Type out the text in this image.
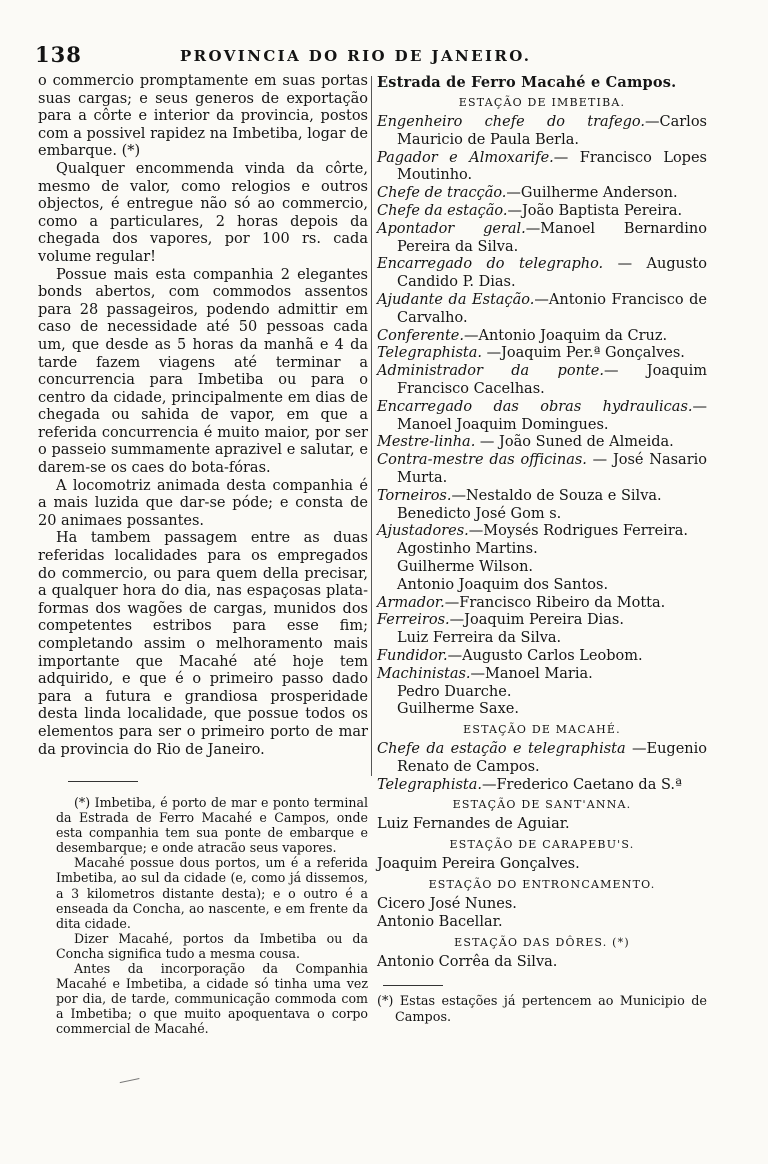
138	PROVINCIA DO RIO DE JANEIRO.

o commercio promptamente em suas portas suas cargas; e seus generos de exportação para a côrte e interior da provincia, postos com a possivel rapidez na Imbetiba, logar de embarque. (*)

Qualquer encommenda vinda da côrte, mesmo de valor, como relogios e outros objectos, é entregue não só ao commercio, como a particulares, 2 horas depois da chegada dos vapores, por 100 rs. cada volume regular!

Possue mais esta companhia 2 elegantes bonds abertos, com commodos assentos para 28 passageiros, podendo admittir em caso de necessidade até 50 pessoas cada um, que desde as 5 horas da manhã e 4 da tarde fazem viagens até terminar a concurrencia para Imbetiba ou para o centro da cidade, principalmente em dias de chegada ou sahida de vapor, em que a referida concurrencia é muito maior, por ser o passeio summamente aprazivel e salutar, e darem-se os caes do bota-fóras.

A locomotriz animada desta companhia é a mais luzida que dar-se póde; e consta de 20 animaes possantes.

Ha tambem passagem entre as duas referidas localidades para os empregados do commercio, ou para quem della precisar, a qualquer hora do dia, nas espaçosas plata-formas dos wagões de cargas, munidos dos competentes estribos para esse fim; completando assim o melhoramento mais importante que Macahé até hoje tem adquirido, e que é o primeiro passo dado para a futura e grandiosa prosperidade desta linda localidade, que possue todos os elementos para ser o primeiro porto de mar da provincia do Rio de Janeiro.

(*) Imbetiba, é porto de mar e ponto terminal da Estrada de Ferro Macahé e Campos, onde esta companhia tem sua ponte de embarque e desembarque; e onde atracão seus vapores.

Macahé possue dous portos, um é a referida Imbetiba, ao sul da cidade (e, como já dissemos, a 3 kilometros distante desta); e o outro é a enseada da Concha, ao nascente, e em frente da dita cidade.

Dizer Macahé, portos da Imbetiba ou da Concha significa tudo a mesma cousa.

Antes da incorporação da Companhia Macahé e Imbetiba, a cidade só tinha uma vez por dia, de tarde, communicação commoda com a Imbetiba; o que muito apoquentava o corpo commercial de Macahé.

Estrada de Ferro Macahé e Campos.
ESTAÇÃO DE IMBETIBA.
Engenheiro chefe do trafego.—Carlos Mauricio de Paula Berla.
Pagador e Almoxarife.— Francisco Lopes Moutinho.
Chefe de tracção.—Guilherme Anderson.
Chefe da estação.—João Baptista Pereira.
Apontador geral.—Manoel Bernardino Pereira da Silva.
Encarregado do telegrapho. — Augusto Candido P. Dias.
Ajudante da Estação.—Antonio Francisco de Carvalho.
Conferente.—Antonio Joaquim da Cruz.
Telegraphista. —Joaquim Per.ª Gonçalves.
Administrador da ponte.— Joaquim Francisco Cacelhas.
Encarregado das obras hydraulicas.—Manoel Joaquim Domingues.
Mestre-linha. — João Suned de Almeida.
Contra-mestre das officinas. — José Nasario Murta.
Torneiros.—Nestaldo de Souza e Silva.
Benedicto José Gom s.
Ajustadores.—Moysés Rodrigues Ferreira.
Agostinho Martins.
Guilherme Wilson.
Antonio Joaquim dos Santos.
Armador.—Francisco Ribeiro da Motta.
Ferreiros.—Joaquim Pereira Dias.
Luiz Ferreira da Silva.
Fundidor.—Augusto Carlos Leobom.
Machinistas.—Manoel Maria.
Pedro Duarche.
Guilherme Saxe.
ESTAÇÃO DE MACAHÉ.
Chefe da estação e telegraphista —Eugenio Renato de Campos.
Telegraphista.—Frederico Caetano da S.ª
ESTAÇÃO DE SANT'ANNA.
Luiz Fernandes de Aguiar.
ESTAÇÃO DE CARAPEBU'S.
Joaquim Pereira Gonçalves.
ESTAÇÃO DO ENTRONCAMENTO.
Cicero José Nunes.
Antonio Bacellar.
ESTAÇÃO DAS DÔRES. (*)
Antonio Corrêa da Silva.

(*) Estas estações já pertencem ao Municipio de Campos.
